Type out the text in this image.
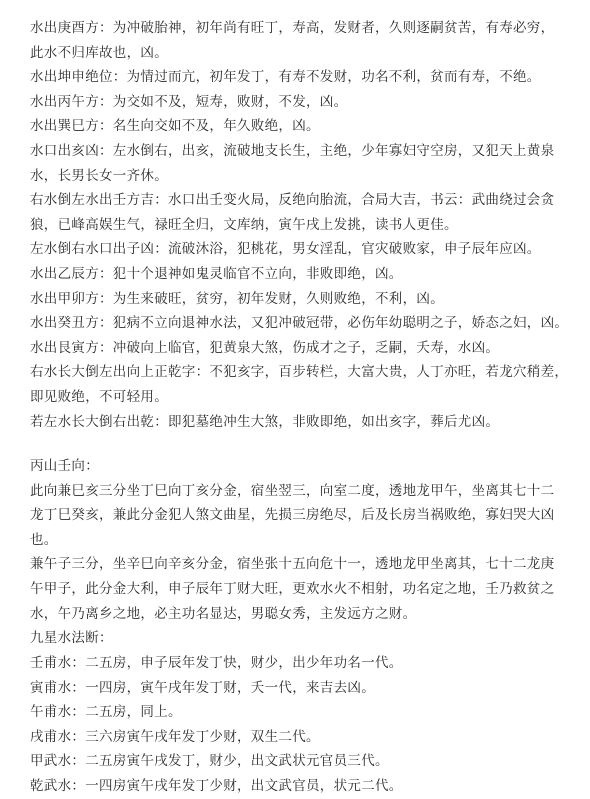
水出庚酉方：为冲破胎神，初年尚有旺丁，寿高，发财者，久则逐嗣贫苦，有寿必穷，
此水不归库故也，凶。
水出坤申绝位：为情过而亢，初年发丁，有寿不发财，功名不利，贫而有寿，不绝。
水出丙午方：为交如不及，短寿，败财，不发，凶。
水出巽巳方：名生向交如不及，年久败绝，凶。
水口出亥凶：左水倒右，出亥，流破地支长生，主绝，少年寡妇守空房，又犯天上黄泉
水，长男长女一齐休。
右水倒左水出壬方吉：水口出壬变火局，反绝向胎流，合局大吉，书云：武曲绕过会贪
狼，已峰高娱生气，禄旺全归，文库纳，寅午戌上发挑，读书人更佳。
左水倒右水口出子凶：流破沐浴，犯桃花，男女淫乱，官灾破败家，申子辰年应凶。
水出乙辰方：犯十个退神如鬼灵临官不立向，非败即绝，凶。
水出甲卯方：为生来破旺，贫穷，初年发财，久则败绝，不利，凶。
水出癸丑方：犯病不立向退神水法，又犯冲破冠带，必伤年幼聪明之子，娇态之妇，凶。
水出艮寅方：冲破向上临官，犯黄泉大煞，伤成才之子，乏嗣，夭寿，水凶。
右水长大倒左出向上正乾字：不犯亥字，百步转栏，大富大贵，人丁亦旺，若龙穴稍差，
即见败绝，不可轻用。
若左水长大倒右出乾：即犯墓绝冲生大煞，非败即绝，如出亥字，葬后尤凶。
丙山壬向：
此向兼巳亥三分坐丁巳向丁亥分金，宿坐翌三，向室二度，透地龙甲午，坐离其七十二
龙丁巳癸亥，兼此分金犯人煞文曲星，先损三房绝尽，后及长房当祸败绝，寡妇哭大凶
也。
兼午子三分，坐辛巳向辛亥分金，宿坐张十五向危十一，透地龙甲坐离其，七十二龙庚
午甲子，此分金大利，申子辰年丁财大旺，更欢水火不相射，功名定之地，壬乃救贫之
水，午乃离乡之地，必主功名显达，男聪女秀，主发远方之财。
九星水法断：
壬甫水：二五房，申子辰年发丁快，财少，出少年功名一代。
寅甫水：一四房，寅午戌年发丁财，夭一代，来吉去凶。
午甫水：二五房，同上。
戌甫水：三六房寅午戌年发丁少财，双生二代。
甲武水：二五房寅午戌发丁，财少，出文武状元官员三代。
乾武水：一四房寅午戌年发丁少财，出文武官员，状元二代。
